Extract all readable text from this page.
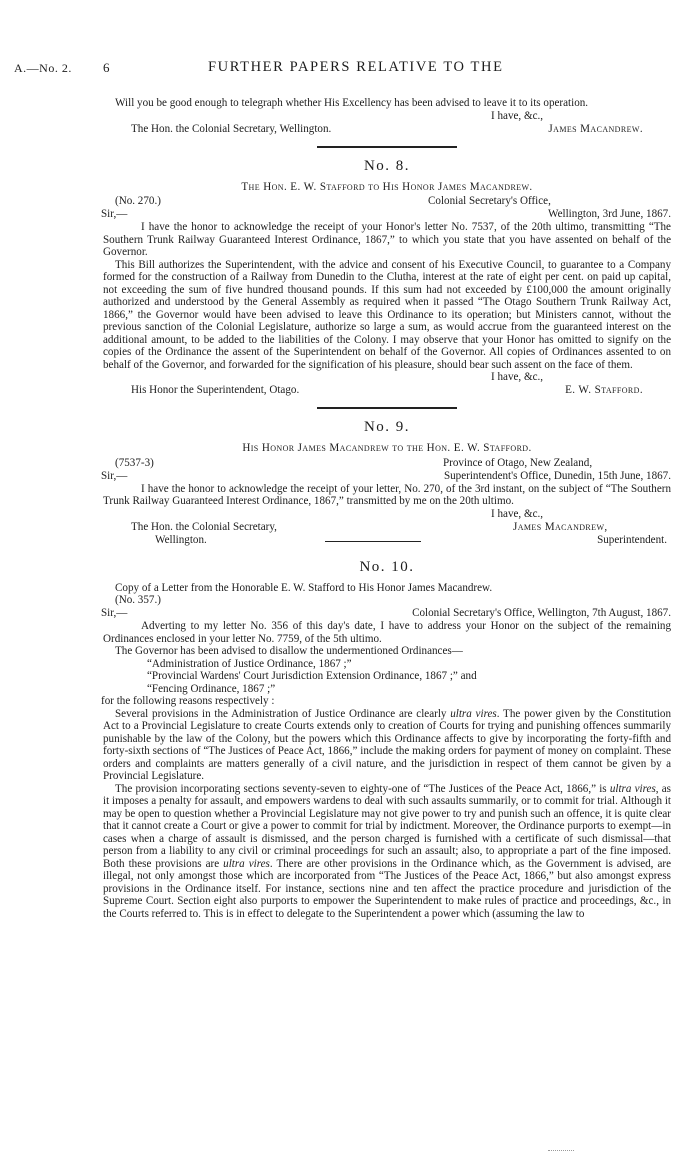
A.—No. 2. 6	FURTHER PAPERS RELATIVE TO THE

Will you be good enough to telegraph whether His Excellency has been advised to leave it to its operation.

I have, &c.,
The Hon. the Colonial Secretary, Wellington.	James Macandrew.
No. 8.
The Hon. E. W. Stafford to His Honor James Macandrew.
(No. 270.)	Colonial Secretary's Office,
Sir,—	Wellington, 3rd June, 1867.

I have the honor to acknowledge the receipt of your Honor's letter No. 7537, of the 20th ultimo, transmitting “The Southern Trunk Railway Guaranteed Interest Ordinance, 1867,” to which you state that you have assented on behalf of the Governor.

This Bill authorizes the Superintendent, with the advice and consent of his Executive Council, to guarantee to a Company formed for the construction of a Railway from Dunedin to the Clutha, interest at the rate of eight per cent. on paid up capital, not exceeding the sum of five hundred thousand pounds. If this sum had not exceeded by £100,000 the amount originally authorized and understood by the General Assembly as required when it passed “The Otago Southern Trunk Railway Act, 1866,” the Governor would have been advised to leave this Ordinance to its operation; but Ministers cannot, without the previous sanction of the Colonial Legislature, authorize so large a sum, as would accrue from the guaranteed interest on the additional amount, to be added to the liabilities of the Colony. I may observe that your Honor has omitted to signify on the copies of the Ordinance the assent of the Superintendent on behalf of the Governor. All copies of Ordinances assented to on behalf of the Governor, and forwarded for the signification of his pleasure, should bear such assent on the face of them.

I have, &c.,
His Honor the Superintendent, Otago.	E. W. Stafford.
No. 9.
His Honor James Macandrew to the Hon. E. W. Stafford.
(7537-3)	Province of Otago, New Zealand,
Sir,—	Superintendent's Office, Dunedin, 15th June, 1867.

I have the honor to acknowledge the receipt of your letter, No. 270, of the 3rd instant, on the subject of “The Southern Trunk Railway Guaranteed Interest Ordinance, 1867,” transmitted by me on the 20th ultimo.

I have, &c.,
The Hon. the Colonial Secretary,	James Macandrew,
Wellington.	Superintendent.
No. 10.

Copy of a Letter from the Honorable E. W. Stafford to His Honor James Macandrew.

(No. 357.)
Sir,—	Colonial Secretary's Office, Wellington, 7th August, 1867.

Adverting to my letter No. 356 of this day's date, I have to address your Honor on the subject of the remaining Ordinances enclosed in your letter No. 7759, of the 5th ultimo.

The Governor has been advised to disallow the undermentioned Ordinances—

“Administration of Justice Ordinance, 1867 ;”
“Provincial Wardens' Court Jurisdiction Extension Ordinance, 1867 ;” and
“Fencing Ordinance, 1867 ;”

for the following reasons respectively :

Several provisions in the Administration of Justice Ordinance are clearly ultra vires. The power given by the Constitution Act to a Provincial Legislature to create Courts extends only to creation of Courts for trying and punishing offences summarily punishable by the law of the Colony, but the powers which this Ordinance affects to give by incorporating the forty-fifth and forty-sixth sections of “The Justices of Peace Act, 1866,” include the making orders for payment of money on complaint. These orders and complaints are matters generally of a civil nature, and the jurisdiction in respect of them cannot be given by a Provincial Legislature.

The provision incorporating sections seventy-seven to eighty-one of “The Justices of the Peace Act, 1866,” is ultra vires, as it imposes a penalty for assault, and empowers wardens to deal with such assaults summarily, or to commit for trial. Although it may be open to question whether a Provincial Legislature may not give power to try and punish such an offence, it is quite clear that it cannot create a Court or give a power to commit for trial by indictment. Moreover, the Ordinance purports to exempt—in cases when a charge of assault is dismissed, and the person charged is furnished with a certificate of such dismissal—that person from a liability to any civil or criminal proceedings for such an assault; also, to appropriate a part of the fine imposed. Both these provisions are ultra vires. There are other provisions in the Ordinance which, as the Government is advised, are illegal, not only amongst those which are incorporated from “The Justices of the Peace Act, 1866,” but also amongst express provisions in the Ordinance itself. For instance, sections nine and ten affect the practice procedure and jurisdiction of the Supreme Court. Section eight also purports to empower the Superintendent to make rules of practice and proceedings, &c., in the Courts referred to. This is in effect to delegate to the Superintendent a power which (assuming the law to
